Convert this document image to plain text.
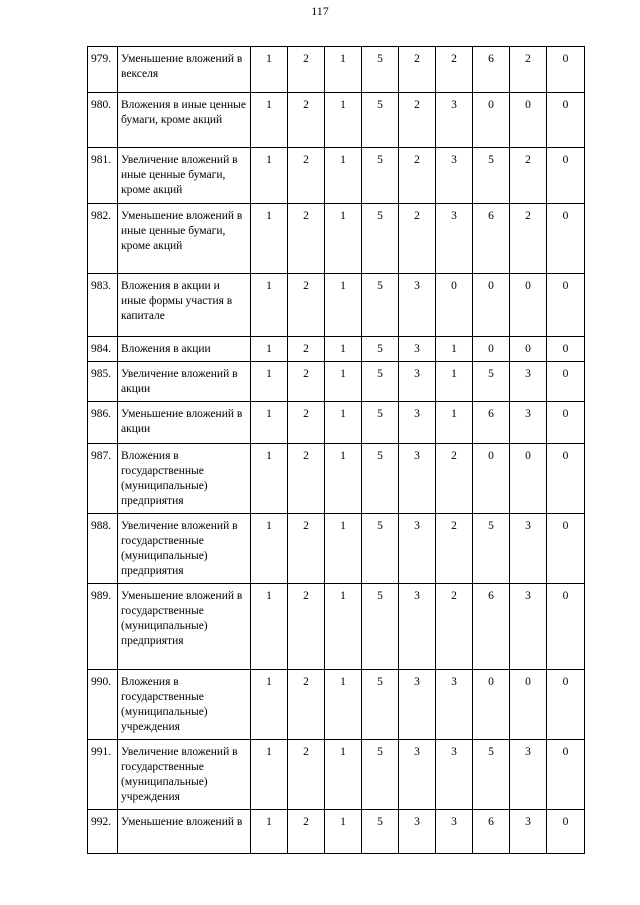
117
979.	Уменьшение вложений в векселя	1	2	1	5	2	2	6	2	0
980.	Вложения в иные ценные бумаги, кроме акций	1	2	1	5	2	3	0	0	0
981.	Увеличение вложений в иные ценные бумаги, кроме акций	1	2	1	5	2	3	5	2	0
982.	Уменьшение вложений в иные ценные бумаги, кроме акций	1	2	1	5	2	3	6	2	0
983.	Вложения в акции и иные формы участия в капитале	1	2	1	5	3	0	0	0	0
984.	Вложения в акции	1	2	1	5	3	1	0	0	0
985.	Увеличение вложений в акции	1	2	1	5	3	1	5	3	0
986.	Уменьшение вложений в акции	1	2	1	5	3	1	6	3	0
987.	Вложения в государственные (муниципальные) предприятия	1	2	1	5	3	2	0	0	0
988.	Увеличение вложений в государственные (муниципальные) предприятия	1	2	1	5	3	2	5	3	0
989.	Уменьшение вложений в государственные (муниципальные) предприятия	1	2	1	5	3	2	6	3	0
990.	Вложения в государственные (муниципальные) учреждения	1	2	1	5	3	3	0	0	0
991.	Увеличение вложений в государственные (муниципальные) учреждения	1	2	1	5	3	3	5	3	0
992.	Уменьшение вложений в	1	2	1	5	3	3	6	3	0
